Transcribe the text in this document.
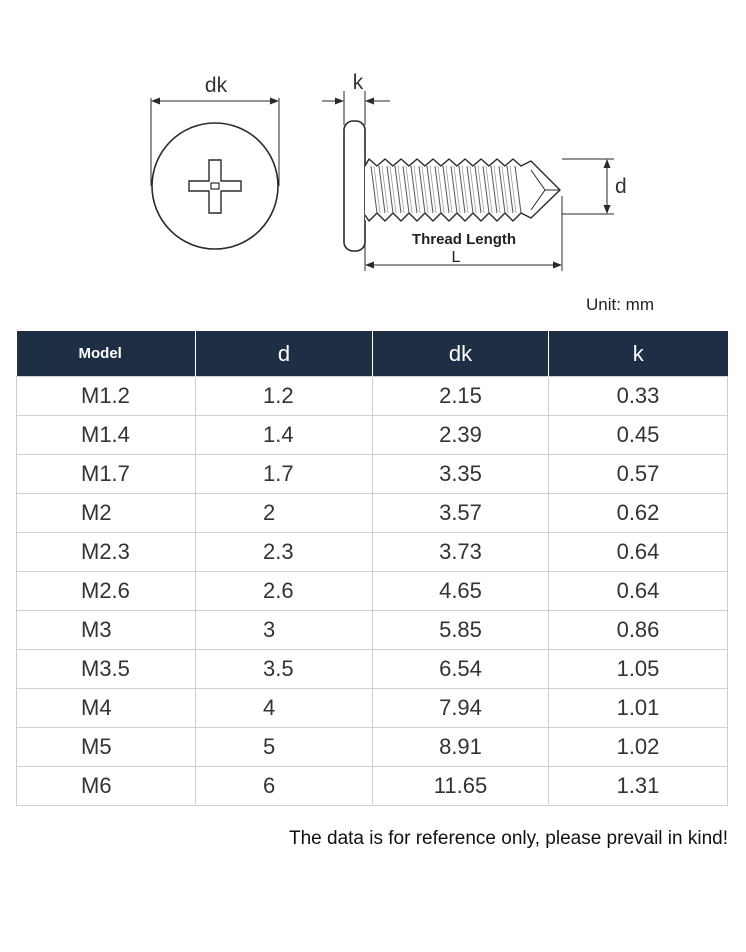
dk	k
d
Thread Length
L
Unit: mm
Model	d	dk	k
M1.2	1.2	2.15	0.33
M1.4	1.4	2.39	0.45
M1.7	1.7	3.35	0.57
M2	2	3.57	0.62
M2.3	2.3	3.73	0.64
M2.6	2.6	4.65	0.64
M3	3	5.85	0.86
M3.5	3.5	6.54	1.05
M4	4	7.94	1.01
M5	5	8.91	1.02
M6	6	11.65	1.31
The data is for reference only, please prevail in kind!
